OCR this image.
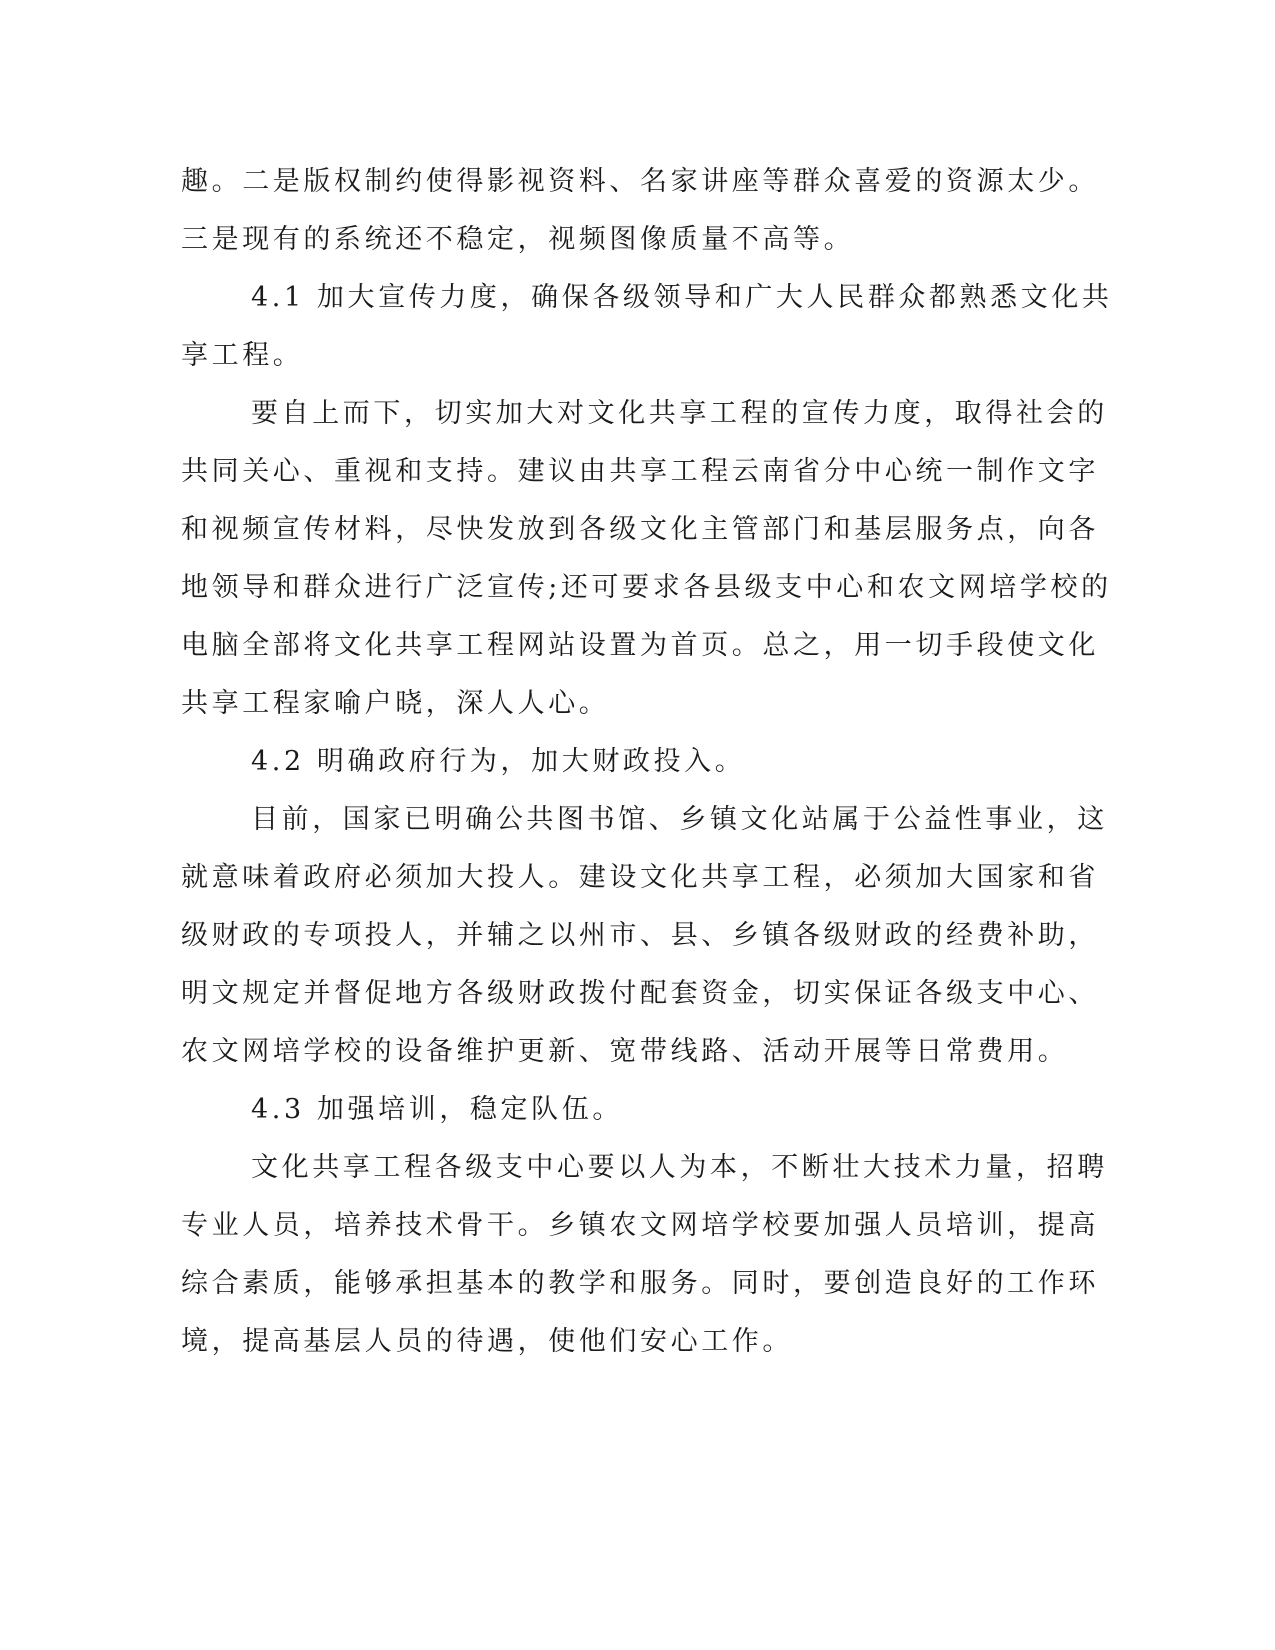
趣。二是版权制约使得影视资料、名家讲座等群众喜爱的资源太少。
三是现有的系统还不稳定，视频图像质量不高等。
4.1 加大宣传力度，确保各级领导和广大人民群众都熟悉文化共
享工程。
要自上而下，切实加大对文化共享工程的宣传力度，取得社会的
共同关心、重视和支持。建议由共享工程云南省分中心统一制作文字
和视频宣传材料，尽快发放到各级文化主管部门和基层服务点，向各
地领导和群众进行广泛宣传;还可要求各县级支中心和农文网培学校的
电脑全部将文化共享工程网站设置为首页。总之，用一切手段使文化
共享工程家喻户晓，深人人心。
4.2 明确政府行为，加大财政投入。
目前，国家已明确公共图书馆、乡镇文化站属于公益性事业，这
就意味着政府必须加大投人。建设文化共享工程，必须加大国家和省
级财政的专项投人，并辅之以州市、县、乡镇各级财政的经费补助，
明文规定并督促地方各级财政拨付配套资金，切实保证各级支中心、
农文网培学校的设备维护更新、宽带线路、活动开展等日常费用。
4.3 加强培训，稳定队伍。
文化共享工程各级支中心要以人为本，不断壮大技术力量，招聘
专业人员，培养技术骨干。乡镇农文网培学校要加强人员培训，提高
综合素质，能够承担基本的教学和服务。同时，要创造良好的工作环
境，提高基层人员的待遇，使他们安心工作。
